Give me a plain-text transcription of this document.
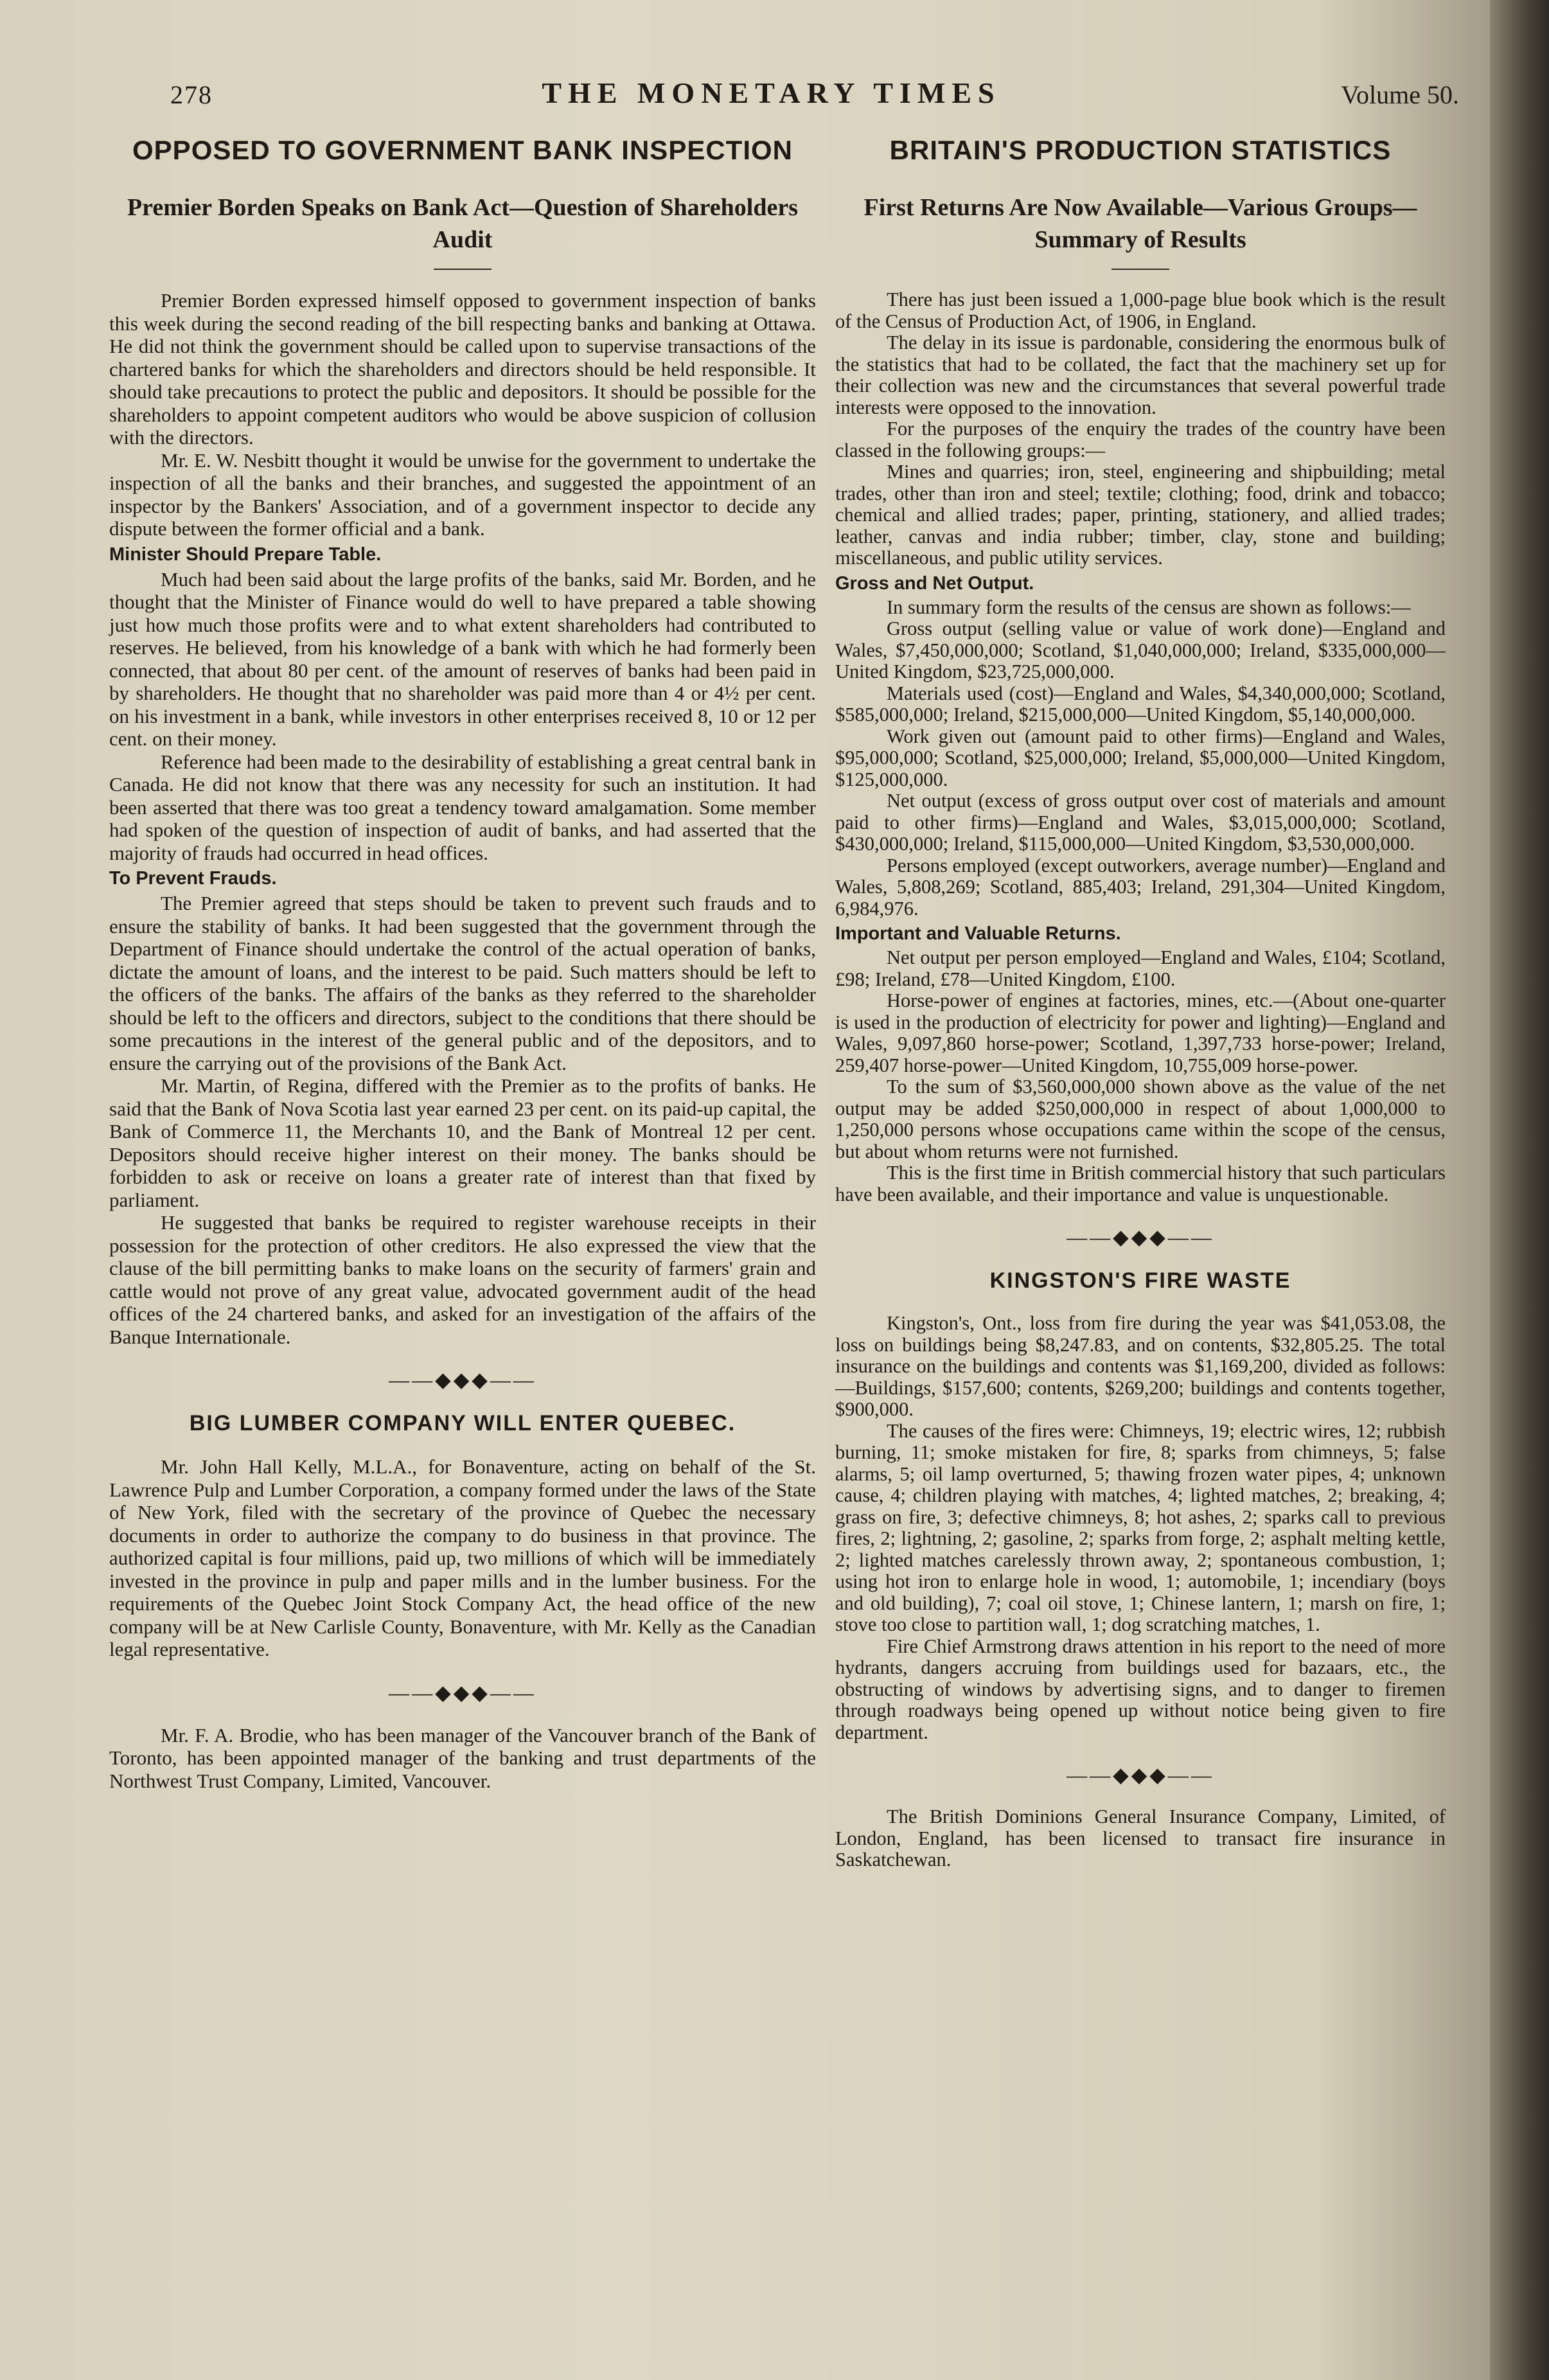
278	THE MONETARY TIMES	Volume 50.
OPPOSED TO GOVERNMENT BANK INSPECTION
Premier Borden Speaks on Bank Act—Question of Shareholders Audit

Premier Borden expressed himself opposed to government inspection of banks this week during the second reading of the bill respecting banks and banking at Ottawa. He did not think the government should be called upon to supervise transactions of the chartered banks for which the shareholders and directors should be held responsible. It should take precautions to protect the public and depositors. It should be possible for the shareholders to appoint competent auditors who would be above suspicion of collusion with the directors.

Mr. E. W. Nesbitt thought it would be unwise for the government to undertake the inspection of all the banks and their branches, and suggested the appointment of an inspector by the Bankers' Association, and of a government inspector to decide any dispute between the former official and a bank.

Minister Should Prepare Table.

Much had been said about the large profits of the banks, said Mr. Borden, and he thought that the Minister of Finance would do well to have prepared a table showing just how much those profits were and to what extent shareholders had contributed to reserves. He believed, from his knowledge of a bank with which he had formerly been connected, that about 80 per cent. of the amount of reserves of banks had been paid in by shareholders. He thought that no shareholder was paid more than 4 or 4½ per cent. on his investment in a bank, while investors in other enterprises received 8, 10 or 12 per cent. on their money.

Reference had been made to the desirability of establishing a great central bank in Canada. He did not know that there was any necessity for such an institution. It had been asserted that there was too great a tendency toward amalgamation. Some member had spoken of the question of inspection of audit of banks, and had asserted that the majority of frauds had occurred in head offices.

To Prevent Frauds.

The Premier agreed that steps should be taken to prevent such frauds and to ensure the stability of banks. It had been suggested that the government through the Department of Finance should undertake the control of the actual operation of banks, dictate the amount of loans, and the interest to be paid. Such matters should be left to the officers of the banks. The affairs of the banks as they referred to the shareholder should be left to the officers and directors, subject to the conditions that there should be some precautions in the interest of the general public and of the depositors, and to ensure the carrying out of the provisions of the Bank Act.

Mr. Martin, of Regina, differed with the Premier as to the profits of banks. He said that the Bank of Nova Scotia last year earned 23 per cent. on its paid-up capital, the Bank of Commerce 11, the Merchants 10, and the Bank of Montreal 12 per cent. Depositors should receive higher interest on their money. The banks should be forbidden to ask or receive on loans a greater rate of interest than that fixed by parliament.

He suggested that banks be required to register warehouse receipts in their possession for the protection of other creditors. He also expressed the view that the clause of the bill permitting banks to make loans on the security of farmers' grain and cattle would not prove of any great value, advocated government audit of the head offices of the 24 chartered banks, and asked for an investigation of the affairs of the Banque Internationale.

——◆◆◆——
BIG LUMBER COMPANY WILL ENTER QUEBEC.

Mr. John Hall Kelly, M.L.A., for Bonaventure, acting on behalf of the St. Lawrence Pulp and Lumber Corporation, a company formed under the laws of the State of New York, filed with the secretary of the province of Quebec the necessary documents in order to authorize the company to do business in that province. The authorized capital is four millions, paid up, two millions of which will be immediately invested in the province in pulp and paper mills and in the lumber business. For the requirements of the Quebec Joint Stock Company Act, the head office of the new company will be at New Carlisle County, Bonaventure, with Mr. Kelly as the Canadian legal representative.

——◆◆◆——

Mr. F. A. Brodie, who has been manager of the Vancouver branch of the Bank of Toronto, has been appointed manager of the banking and trust departments of the Northwest Trust Company, Limited, Vancouver.

BRITAIN'S PRODUCTION STATISTICS
First Returns Are Now Available—Various Groups—Summary of Results

There has just been issued a 1,000-page blue book which is the result of the Census of Production Act, of 1906, in England.

The delay in its issue is pardonable, considering the enormous bulk of the statistics that had to be collated, the fact that the machinery set up for their collection was new and the circumstances that several powerful trade interests were opposed to the innovation.

For the purposes of the enquiry the trades of the country have been classed in the following groups:—

Mines and quarries; iron, steel, engineering and shipbuilding; metal trades, other than iron and steel; textile; clothing; food, drink and tobacco; chemical and allied trades; paper, printing, stationery, and allied trades; leather, canvas and india rubber; timber, clay, stone and building; miscellaneous, and public utility services.

Gross and Net Output.

In summary form the results of the census are shown as follows:—

Gross output (selling value or value of work done)—England and Wales, $7,450,000,000; Scotland, $1,040,000,000; Ireland, $335,000,000—United Kingdom, $23,725,000,000.

Materials used (cost)—England and Wales, $4,340,000,000; Scotland, $585,000,000; Ireland, $215,000,000—United Kingdom, $5,140,000,000.

Work given out (amount paid to other firms)—England and Wales, $95,000,000; Scotland, $25,000,000; Ireland, $5,000,000—United Kingdom, $125,000,000.

Net output (excess of gross output over cost of materials and amount paid to other firms)—England and Wales, $3,015,000,000; Scotland, $430,000,000; Ireland, $115,000,000—United Kingdom, $3,530,000,000.

Persons employed (except outworkers, average number)—England and Wales, 5,808,269; Scotland, 885,403; Ireland, 291,304—United Kingdom, 6,984,976.

Important and Valuable Returns.

Net output per person employed—England and Wales, £104; Scotland, £98; Ireland, £78—United Kingdom, £100.

Horse-power of engines at factories, mines, etc.—(About one-quarter is used in the production of electricity for power and lighting)—England and Wales, 9,097,860 horse-power; Scotland, 1,397,733 horse-power; Ireland, 259,407 horse-power—United Kingdom, 10,755,009 horse-power.

To the sum of $3,560,000,000 shown above as the value of the net output may be added $250,000,000 in respect of about 1,000,000 to 1,250,000 persons whose occupations came within the scope of the census, but about whom returns were not furnished.

This is the first time in British commercial history that such particulars have been available, and their importance and value is unquestionable.

——◆◆◆——
KINGSTON'S FIRE WASTE

Kingston's, Ont., loss from fire during the year was $41,053.08, the loss on buildings being $8,247.83, and on contents, $32,805.25. The total insurance on the buildings and contents was $1,169,200, divided as follows:—Buildings, $157,600; contents, $269,200; buildings and contents together, $900,000.

The causes of the fires were: Chimneys, 19; electric wires, 12; rubbish burning, 11; smoke mistaken for fire, 8; sparks from chimneys, 5; false alarms, 5; oil lamp overturned, 5; thawing frozen water pipes, 4; unknown cause, 4; children playing with matches, 4; lighted matches, 2; breaking, 4; grass on fire, 3; defective chimneys, 8; hot ashes, 2; sparks call to previous fires, 2; lightning, 2; gasoline, 2; sparks from forge, 2; asphalt melting kettle, 2; lighted matches carelessly thrown away, 2; spontaneous combustion, 1; using hot iron to enlarge hole in wood, 1; automobile, 1; incendiary (boys and old building), 7; coal oil stove, 1; Chinese lantern, 1; marsh on fire, 1; stove too close to partition wall, 1; dog scratching matches, 1.

Fire Chief Armstrong draws attention in his report to the need of more hydrants, dangers accruing from buildings used for bazaars, etc., the obstructing of windows by advertising signs, and to danger to firemen through roadways being opened up without notice being given to fire department.

——◆◆◆——

The British Dominions General Insurance Company, Limited, of London, England, has been licensed to transact fire insurance in Saskatchewan.
